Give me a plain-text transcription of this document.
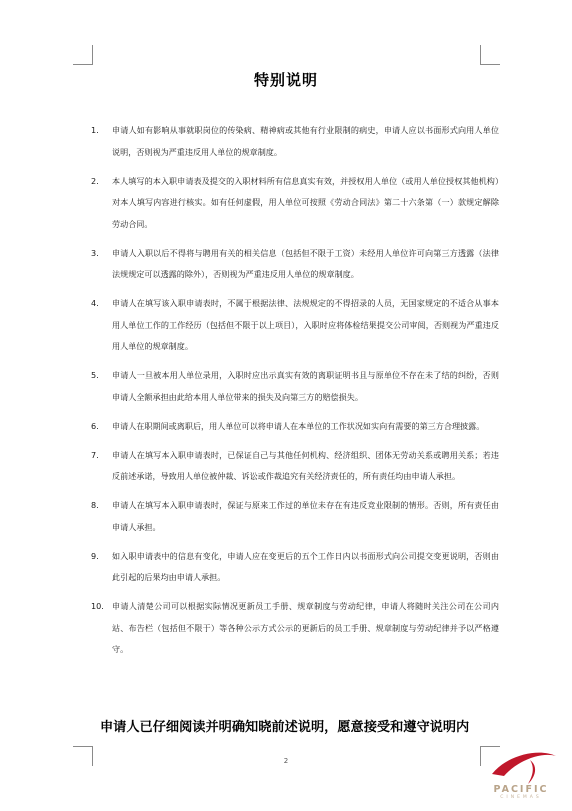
特别说明
1. 申请人如有影响从事就职岗位的传染病、精神病或其他有行业限制的病史，申请人应以书面形式向用人单位说明，否则视为严重违反用人单位的规章制度。
2. 本人填写的本入职申请表及提交的入职材料所有信息真实有效，并授权用人单位（或用人单位授权其他机构）对本人填写内容进行核实。如有任何虚假，用人单位可按照《劳动合同法》第二十六条第（一）款规定解除劳动合同。
3. 申请人入职以后不得将与聘用有关的相关信息（包括但不限于工资）未经用人单位许可向第三方透露（法律法规规定可以透露的除外），否则视为严重违反用人单位的规章制度。
4. 申请人在填写该入职申请表时，不属于根据法律、法规规定的不得招录的人员，无国家规定的不适合从事本用人单位工作的工作经历（包括但不限于以上项目），入职时应将体检结果提交公司审阅，否则视为严重违反用人单位的规章制度。
5. 申请人一旦被本用人单位录用，入职时应出示真实有效的离职证明书且与原单位不存在未了结的纠纷，否则申请人全额承担由此给本用人单位带来的损失及向第三方的赔偿损失。
6. 申请人在职期间或离职后，用人单位可以将申请人在本单位的工作状况如实向有需要的第三方合理披露。
7. 申请人在填写本入职申请表时，已保证自己与其他任何机构、经济组织、团体无劳动关系或聘用关系；若违反前述承诺，导致用人单位被仲裁、诉讼或作裁追究有关经济责任的，所有责任均由申请人承担。
8. 申请人在填写本入职申请表时，保证与原来工作过的单位未存在有违反竞业限制的情形。否则，所有责任由申请人承担。
9. 如入职申请表中的信息有变化，申请人应在变更后的五个工作日内以书面形式向公司提交变更说明，否则由此引起的后果均由申请人承担。
10. 申请人清楚公司可以根据实际情况更新员工手册、规章制度与劳动纪律，申请人将随时关注公司在公司内站、布告栏（包括但不限于）等各种公示方式公示的更新后的员工手册、规章制度与劳动纪律并予以严格遵守。
申请人已仔细阅读并明确知晓前述说明，愿意接受和遵守说明内
2
PACIFIC
CINEMAS
